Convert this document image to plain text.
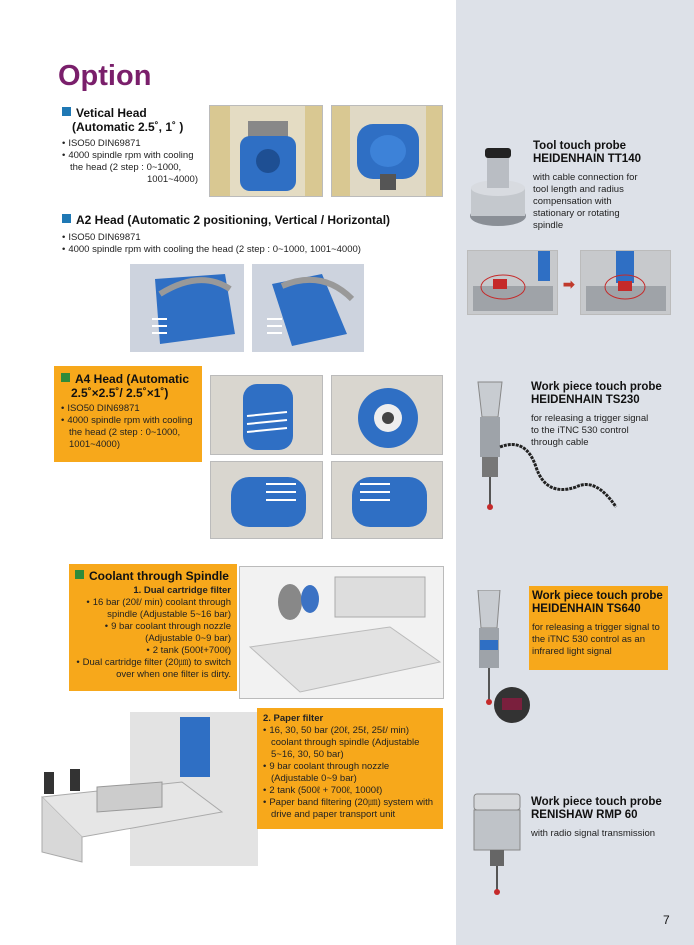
Option
Vetical Head
(Automatic 2.5˚, 1˚ )
• ISO50 DIN69871
• 4000 spindle rpm with cooling
the head (2 step : 0~1000,
1001~4000)
A2 Head (Automatic 2 positioning, Vertical / Horizontal)
• ISO50 DIN69871
• 4000 spindle rpm with cooling the head (2 step : 0~1000, 1001~4000)
A4 Head (Automatic
2.5˚×2.5˚/ 2.5˚×1˚)
• ISO50 DIN69871
• 4000 spindle rpm with cooling
the head (2 step : 0~1000,
1001~4000)
Coolant through Spindle
1. Dual cartridge filter
• 16 bar (20ℓ/ min) coolant through
spindle (Adjustable 5~16 bar)
• 9 bar coolant through nozzle
(Adjustable 0~9 bar)
• 2 tank (500ℓ+700ℓ)
• Dual cartridge filter (20㎛) to switch
over when one filter is dirty.
2. Paper filter
• 16, 30, 50 bar (20ℓ, 25ℓ, 25ℓ/ min)
coolant through spindle (Adjustable
5~16, 30, 50 bar)
• 9 bar coolant through nozzle
(Adjustable 0~9 bar)
• 2 tank (500ℓ + 700ℓ, 1000ℓ)
• Paper band filtering (20㎛) system with
drive and paper transport unit
Tool touch probe
HEIDENHAIN TT140
with cable connection for
tool length and radius
compensation with
stationary or rotating
spindle
➡
Work piece touch probe
HEIDENHAIN TS230
for releasing a trigger signal
to the iTNC 530 control
through cable
Work piece touch probe
HEIDENHAIN TS640
for releasing a trigger signal to
the iTNC 530 control as an
infrared light signal
Work piece touch probe
RENISHAW RMP 60
with radio signal transmission
7
